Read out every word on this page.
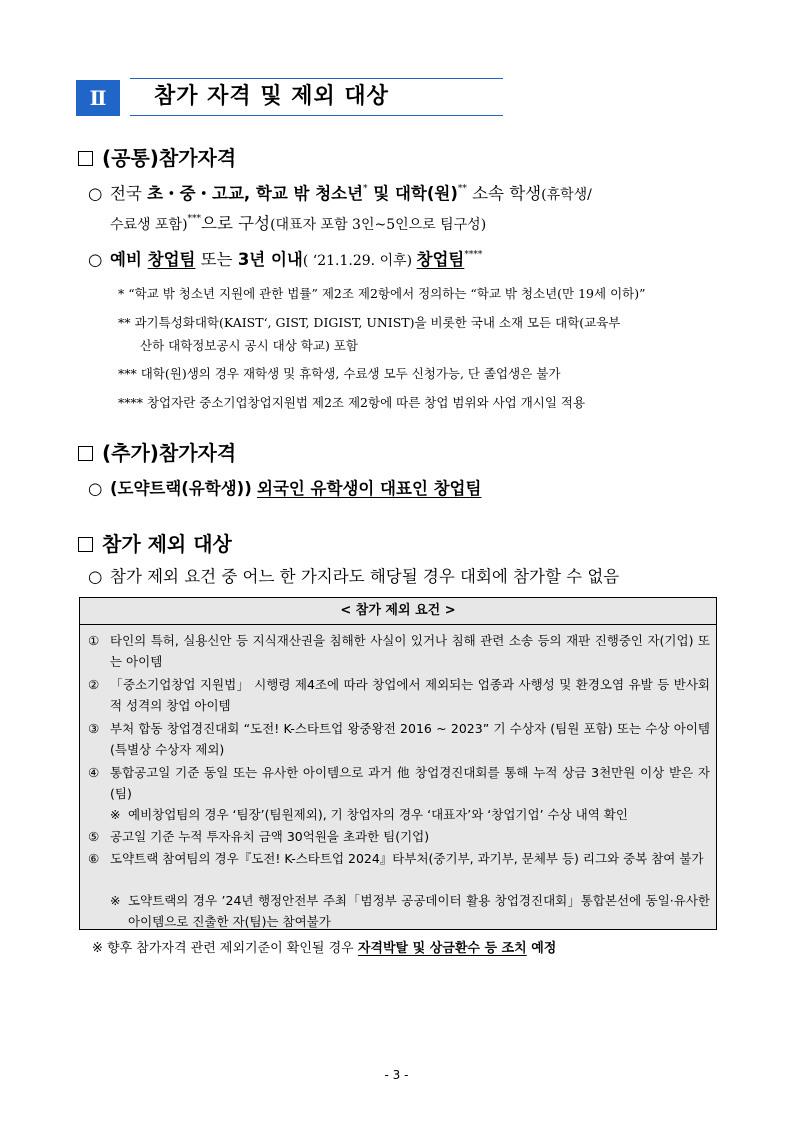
Ⅱ	참가 자격 및 제외 대상
(공통)참가자격
○ 전국 초・중・고교, 학교 밖 청소년* 및 대학(원)** 소속 학생(휴학생/
수료생 포함)***으로 구성(대표자 포함 3인~5인으로 팀구성)
○ 예비 창업팀 또는 3년 이내( ‘21.1.29. 이후) 창업팀****
* “학교 밖 청소년 지원에 관한 법률” 제2조 제2항에서 정의하는 “학교 밖 청소년(만 19세 이하)”
** 과기특성화대학(KAIST‘, GIST, DIGIST, UNIST)을 비롯한 국내 소재 모든 대학(교육부
산하 대학정보공시 공시 대상 학교) 포함
*** 대학(원)생의 경우 재학생 및 휴학생, 수료생 모두 신청가능, 단 졸업생은 불가
**** 창업자란 중소기업창업지원법 제2조 제2항에 따른 창업 범위와 사업 개시일 적용
(추가)참가자격
○ (도약트랙(유학생)) 외국인 유학생이 대표인 창업팀
참가 제외 대상
○ 참가 제외 요건 중 어느 한 가지라도 해당될 경우 대회에 참가할 수 없음
< 참가 제외 요건 >
① 타인의 특허, 실용신안 등 지식재산권을 침해한 사실이 있거나 침해 관련 소송 등의 재판 진행중인 자(기업) 또는 아이템
② 「중소기업창업 지원법」 시행령 제4조에 따라 창업에서 제외되는 업종과 사행성 및 환경오염 유발 등 반사회적 성격의 창업 아이템
③ 부처 합동 창업경진대회 “도전! K-스타트업 왕중왕전 2016 ~ 2023” 기 수상자 (팀원 포함) 또는 수상 아이템 (특별상 수상자 제외)
④ 통합공고일 기준 동일 또는 유사한 아이템으로 과거 他 창업경진대회를 통해 누적 상금 3천만원 이상 받은 자(팀)
※ 예비창업팀의 경우 ‘팀장’(팀원제외), 기 창업자의 경우 ‘대표자’와 ‘창업기업’ 수상 내역 확인
⑤ 공고일 기준 누적 투자유치 금액 30억원을 초과한 팀(기업)
⑥ 도약트랙 참여팀의 경우『도전! K-스타트업 2024』타부처(중기부, 과기부, 문체부 등) 리그와 중복 참여 불가
※ 도약트랙의 경우 ’24년 행정안전부 주최「범정부 공공데이터 활용 창업경진대회」통합본선에 동일·유사한 아이템으로 진출한 자(팀)는 참여불가
※ 향후 참가자격 관련 제외기준이 확인될 경우 자격박탈 및 상금환수 등 조치 예정
- 3 -
